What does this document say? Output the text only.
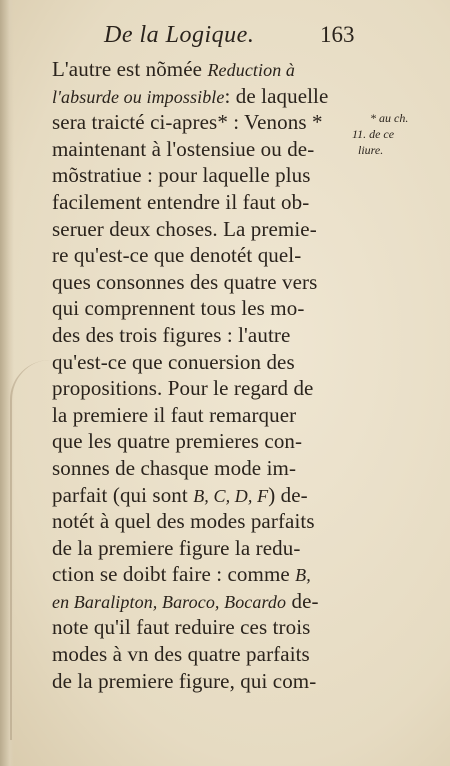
De la Logique.	163
L'autre est nõmée Reduction à
l'absurde ou impossible: de laquelle
sera traicté ci-apres* : Venons *
maintenant à l'ostensiue ou de-
mõstratiue : pour laquelle plus
facilement entendre il faut ob-
seruer deux choses. La premie-
re qu'est-ce que denotét quel-
ques consonnes des quatre vers
qui comprennent tous les mo-
des des trois figures : l'autre
qu'est-ce que conuersion des
propositions. Pour le regard de
la premiere il faut remarquer
que les quatre premieres con-
sonnes de chasque mode im-
parfait (qui sont B, C, D, F) de-
notét à quel des modes parfaits
de la premiere figure la redu-
ction se doibt faire : comme B,
en Baralipton, Baroco, Bocardo de-
note qu'il faut reduire ces trois
modes à vn des quatre parfaits
de la premiere figure, qui com-
* au ch.
11. de ce
liure.
